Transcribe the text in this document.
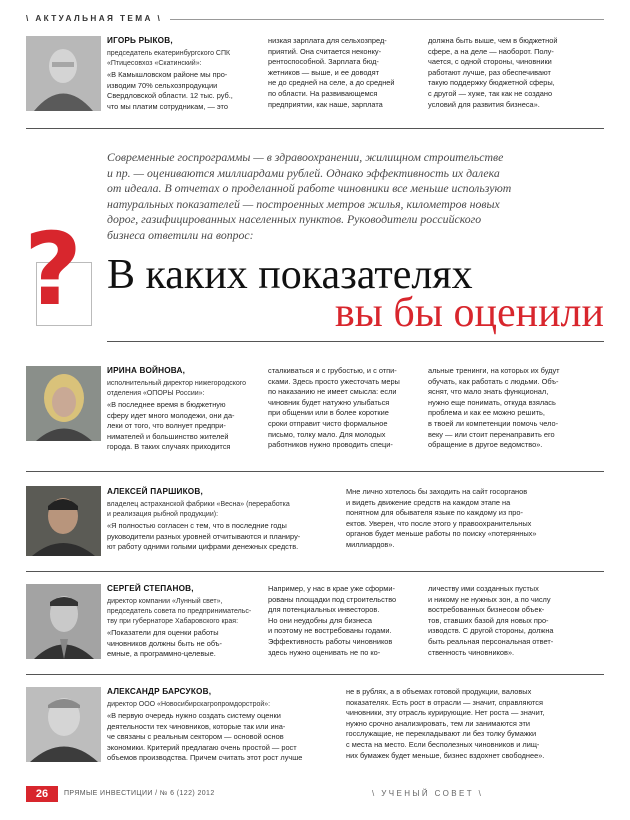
\ АКТУАЛЬНАЯ ТЕМА \
ИГОРЬ РЫКОВ,
председатель екатеринбургского СПК
«Птицесовхоз «Скатинский»:
«В Камышловском районе мы про-
изводим 70% сельхозпродукции
Свердловской области. 12 тыс. руб.,
что мы платим сотрудникам, — это
низкая зарплата для сельхозпред-
приятий. Она считается неконку-
рентоспособной. Зарплата бюд-
жетников — выше, и ее доводят
не до средней на селе, а до средней
по области. На развивающемся
предприятии, как наше, зарплата
должна быть выше, чем в бюджетной
сфере, а на деле — наоборот. Полу-
чается, с одной стороны, чиновники
работают лучше, раз обеспечивают
такую поддержку бюджетной сферы,
с другой — хуже, так как не создано
условий для развития бизнеса».
Современные госпрограммы — в здравоохранении, жилищном строительстве
и пр. — оцениваются миллиардами рублей. Однако эффективность их далека
от идеала. В отчетах о проделанной работе чиновники все меньше используют
натуральных показателей — построенных метров жилья, километров новых
дорог, газифицированных населенных пунктов. Руководители российского
бизнеса ответили на вопрос:
? В каких показателях
вы бы оценили
ИРИНА ВОЙНОВА,
исполнительный директор нижегородского
отделения «ОПОРЫ России»:
«В последнее время в бюджетную
сферу идет много молодежи, они да-
леки от того, что волнует предпри-
нимателей и большинство жителей
города. В таких случаях приходится
сталкиваться и с грубостью, и с отпи-
сками. Здесь просто ужесточать меры
по наказанию не имеет смысла: если
чиновник будет натужно улыбаться
при общении или в более короткие
сроки отправит чисто формальное
письмо, толку мало. Для молодых
работников нужно проводить специ-
альные тренинги, на которых их будут
обучать, как работать с людьми. Объ-
яснят, что мало знать функционал,
нужно еще понимать, откуда взялась
проблема и как ее можно решить,
в твоей ли компетенции помочь чело-
веку — или стоит перенаправить его
обращение в другое ведомство».
АЛЕКСЕЙ ПАРШИКОВ,
владелец астраханской фабрики «Весна» (переработка
и реализация рыбной продукции):
«Я полностью согласен с тем, что в последние годы
руководители разных уровней отчитываются и планиру-
ют работу одними голыми цифрами денежных средств.
Мне лично хотелось бы заходить на сайт госорганов
и видеть движение средств на каждом этапе на
понятном для обывателя языке по каждому из про-
ектов. Уверен, что после этого у правоохранительных
органов будет меньше работы по поиску «потерянных»
миллиардов».
СЕРГЕЙ СТЕПАНОВ,
директор компании «Лунный свет»,
председатель совета по предпринимательс-
тву при губернаторе Хабаровского края:
«Показатели для оценки работы
чиновников должны быть не объ-
емные, а программно-целевые.
Например, у нас в крае уже сформи-
рованы площадки под строительство
для потенциальных инвесторов.
Но они неудобны для бизнеса
и поэтому не востребованы годами.
Эффективность работы чиновников
здесь нужно оценивать не по ко-
личеству ими созданных пустых
и никому не нужных зон, а по числу
востребованных бизнесом объек-
тов, ставших базой для новых про-
изводств. С другой стороны, должна
быть реальная персональная ответ-
ственность чиновников».
АЛЕКСАНДР БАРСУКОВ,
директор ООО «Новосибирскагропромдорстрой»:
«В первую очередь нужно создать систему оценки
деятельности тех чиновников, которые так или ина-
че связаны с реальным сектором — основой основ
экономики. Критерий предлагаю очень простой — рост
объемов производства. Причем считать этот рост лучше
не в рублях, а в объемах готовой продукции, валовых
показателях. Есть рост в отрасли — значит, справляются
чиновники, эту отрасль курирующие. Нет роста — значит,
нужно срочно анализировать, тем ли занимаются эти
госслужащие, не перекладывают ли без толку бумажки
с места на место. Если бесполезных чиновников и лищ-
них бумажек будет меньше, бизнес вздохнет свободнее».
26	ПРЯМЫЕ ИНВЕСТИЦИИ / № 6 (122) 2012	\ УЧЕНЫЙ СОВЕТ \
